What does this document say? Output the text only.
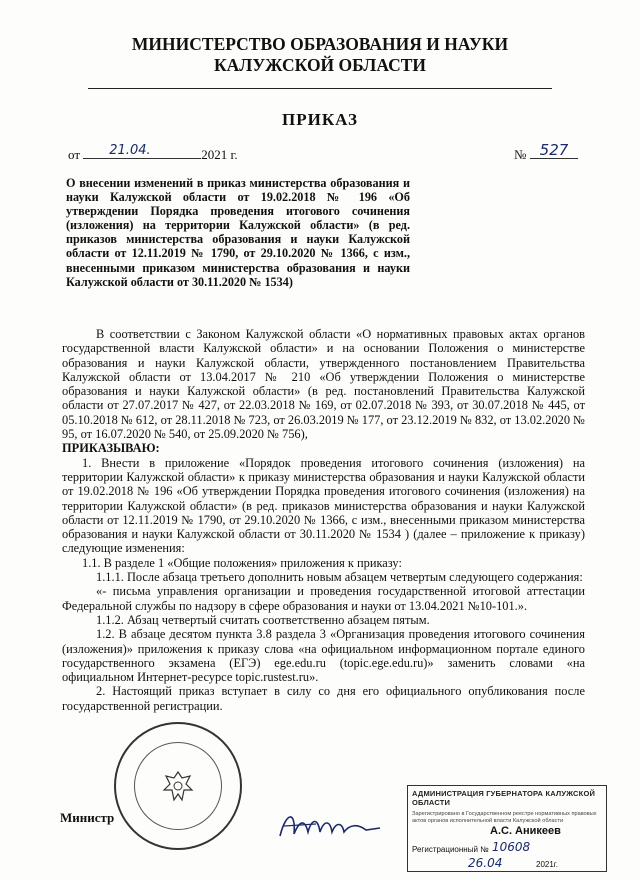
МИНИСТЕРСТВО ОБРАЗОВАНИЯ И НАУКИ
КАЛУЖСКОЙ ОБЛАСТИ
ПРИКАЗ
от 21.04.	2021 г.	№ 527
О внесении изменений в приказ министерства образования и науки Калужской области от 19.02.2018 № 196 «Об утверждении Порядка проведения итогового сочинения (изложения) на территории Калужской области» (в ред. приказов министерства образования и науки Калужской области от 12.11.2019 № 1790, от 29.10.2020 № 1366, с изм., внесенными приказом министерства образования и науки Калужской области от 30.11.2020 № 1534)

В соответствии с Законом Калужской области «О нормативных правовых актах органов государственной власти Калужской области» и на основании Положения о министерстве образования и науки Калужской области, утвержденного постановлением Правительства Калужской области от 13.04.2017 № 210 «Об утверждении Положения о министерстве образования и науки Калужской области» (в ред. постановлений Правительства Калужской области от 27.07.2017 № 427, от 22.03.2018 № 169, от 02.07.2018 № 393, от 30.07.2018 № 445, от 05.10.2018 № 612, от 28.11.2018 № 723, от 26.03.2019 № 177, от 23.12.2019 № 832, от 13.02.2020 № 95, от 16.07.2020 № 540, от 25.09.2020 № 756),

ПРИКАЗЫВАЮ:

1. Внести в приложение «Порядок проведения итогового сочинения (изложения) на территории Калужской области» к приказу министерства образования и науки Калужской области от 19.02.2018 № 196 «Об утверждении Порядка проведения итогового сочинения (изложения) на территории Калужской области» (в ред. приказов министерства образования и науки Калужской области от 12.11.2019 № 1790, от 29.10.2020 № 1366, с изм., внесенными приказом министерства образования и науки Калужской области от 30.11.2020 № 1534 ) (далее – приложение к приказу) следующие изменения:

1.1. В разделе 1 «Общие положения» приложения к приказу:

1.1.1. После абзаца третьего дополнить новым абзацем четвертым следующего содержания:

«- письма управления организации и проведения государственной итоговой аттестации Федеральной службы по надзору в сфере образования и науки от 13.04.2021 №10-101.».

1.1.2. Абзац четвертый считать соответственно абзацем пятым.

1.2. В абзаце десятом пункта 3.8 раздела 3 «Организация проведения итогового сочинения (изложения)» приложения к приказу слова «на официальном информационном портале единого государственного экзамена (ЕГЭ) ege.edu.ru (topic.ege.edu.ru)» заменить словами «на официальном Интернет-ресурсе topic.rustest.ru».

2. Настоящий приказ вступает в силу со дня его официального опубликования после государственной регистрации.

Министр
АДМИНИСТРАЦИЯ ГУБЕРНАТОРА КАЛУЖСКОЙ ОБЛАСТИ
Зарегистрировано в Государственном реестре нормативных правовых актов органов исполнительной власти Калужской области
А.С. Аникеев
Регистрационный № 10608
26.04	2021г.
